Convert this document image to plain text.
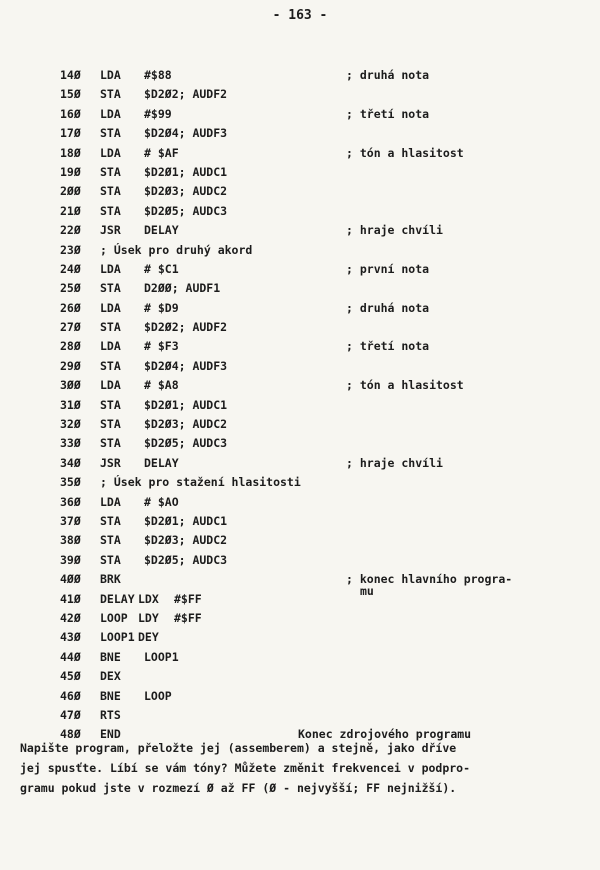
- 163 -
14Ø LDA #$88	; druhá nota
15Ø STA $D2Ø2; AUDF2
16Ø LDA #$99	; třetí nota
17Ø STA $D2Ø4; AUDF3
18Ø LDA # $AF	; tón a hlasitost
19Ø STA $D2Ø1; AUDC1
2ØØ STA $D2Ø3; AUDC2
21Ø STA $D2Ø5; AUDC3
22Ø JSR DELAY	; hraje chvíli
23Ø ; Úsek pro druhý akord
24Ø LDA # $C1	; první nota
25Ø STA D2ØØ; AUDF1
26Ø LDA # $D9	; druhá nota
27Ø STA $D2Ø2; AUDF2
28Ø LDA # $F3	; třetí nota
29Ø STA $D2Ø4; AUDF3
3ØØ LDA # $A8	; tón a hlasitost
31Ø STA $D2Ø1; AUDC1
32Ø STA $D2Ø3; AUDC2
33Ø STA $D2Ø5; AUDC3
34Ø JSR DELAY	; hraje chvíli
35Ø ; Úsek pro stažení hlasitosti
36Ø LDA # $AO
37Ø STA $D2Ø1; AUDC1
38Ø STA $D2Ø3; AUDC2
39Ø STA $D2Ø5; AUDC3
4ØØ BRK	; konec hlavního progra-
mu
41Ø DELAY LDX #$FF
42Ø LOOP LDY #$FF
43Ø LOOP1 DEY
44Ø BNE LOOP1
45Ø DEX
46Ø BNE LOOP
47Ø RTS
48Ø END	Konec zdrojového programu
Napište program, přeložte jej (assemberem) a stejně, jako dříve
jej spusťte. Líbí se vám tóny? Můžete změnit frekvencei v podpro-
gramu pokud jste v rozmezí Ø až FF (Ø - nejvyšší; FF nejnižší).
